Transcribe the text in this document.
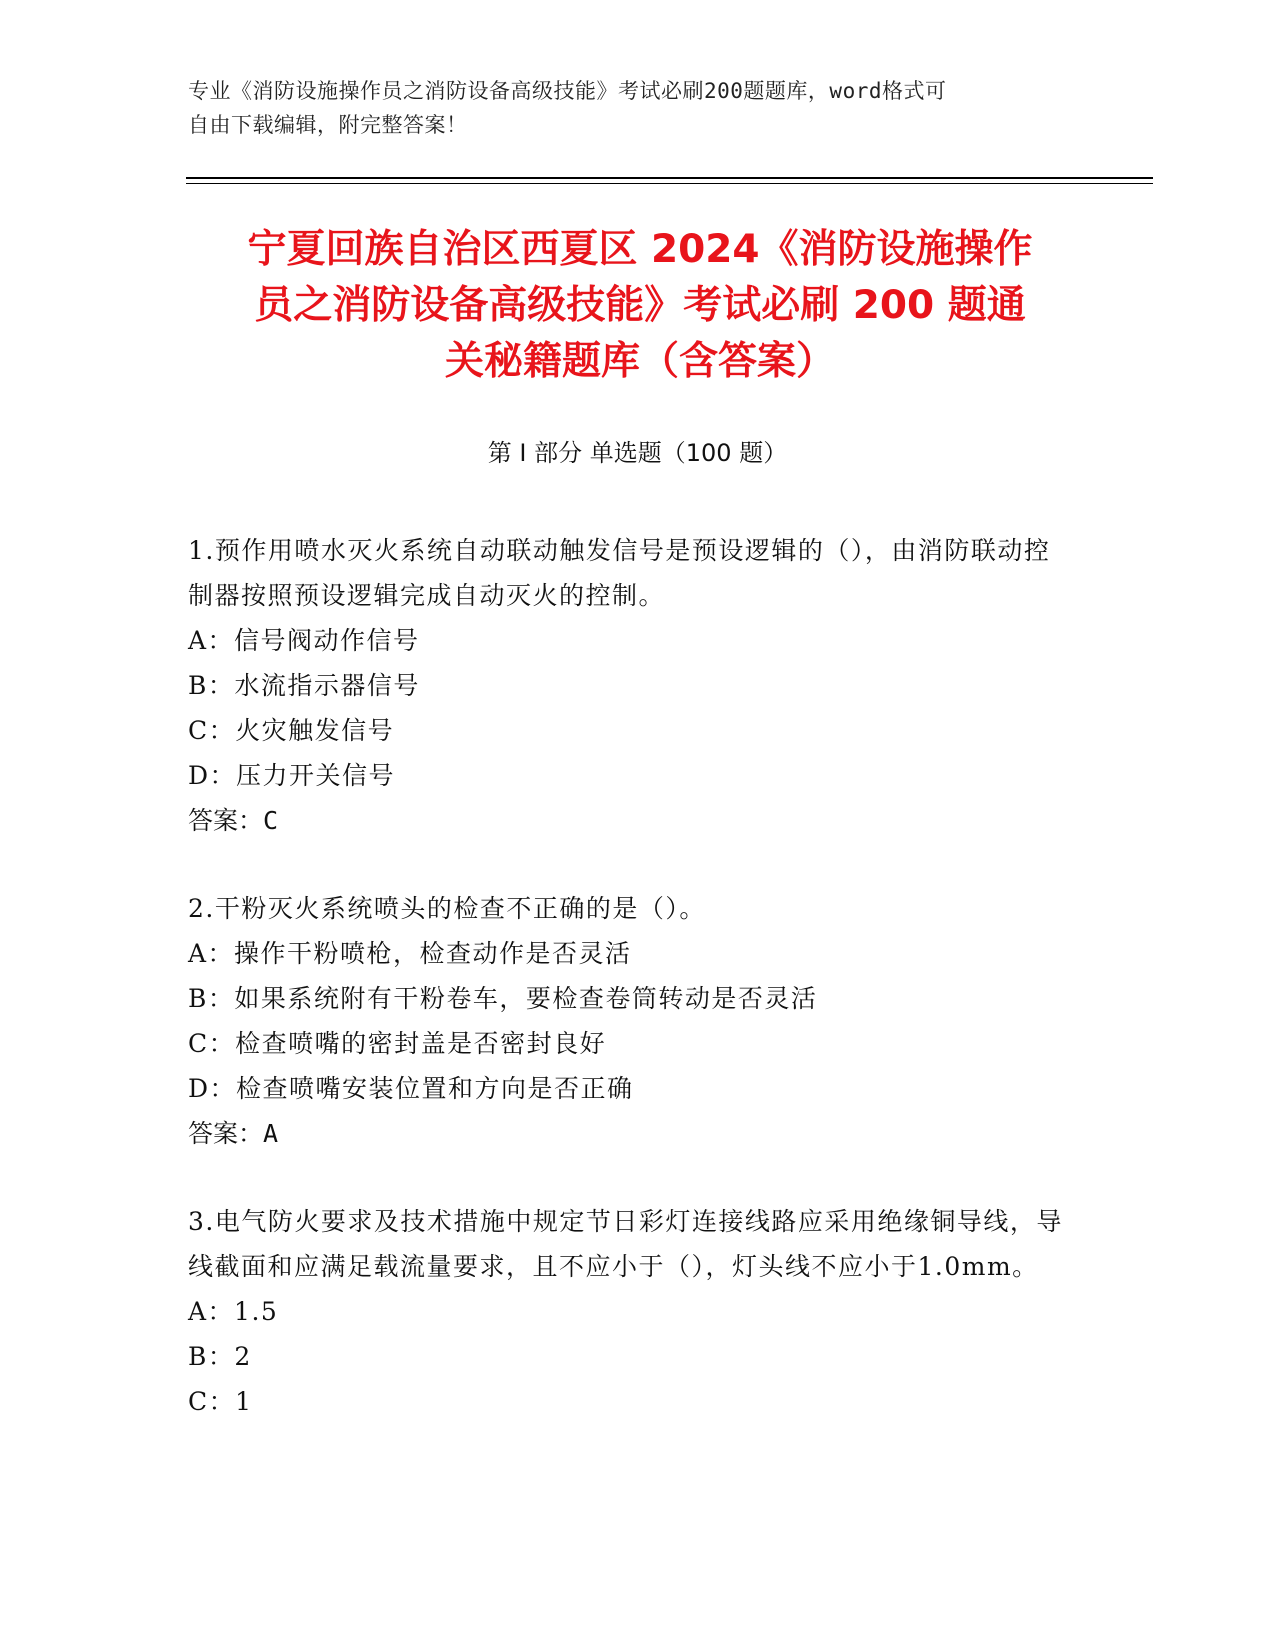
专业《消防设施操作员之消防设备高级技能》考试必刷200题题库，word格式可
自由下载编辑，附完整答案！
宁夏回族自治区西夏区 2024《消防设施操作
员之消防设备高级技能》考试必刷 200 题通
关秘籍题库（含答案）
第 I 部分 单选题（100 题）
1.预作用喷水灭火系统自动联动触发信号是预设逻辑的（），由消防联动控制器按照预设逻辑完成自动灭火的控制。
A：信号阀动作信号
B：水流指示器信号
C：火灾触发信号
D：压力开关信号
答案：C
2.干粉灭火系统喷头的检查不正确的是（）。
A：操作干粉喷枪，检查动作是否灵活
B：如果系统附有干粉卷车，要检查卷筒转动是否灵活
C：检查喷嘴的密封盖是否密封良好
D：检查喷嘴安装位置和方向是否正确
答案：A
3.电气防火要求及技术措施中规定节日彩灯连接线路应采用绝缘铜导线，导线截面和应满足载流量要求，且不应小于（），灯头线不应小于1.0mm。
A：1.5
B：2
C：1
